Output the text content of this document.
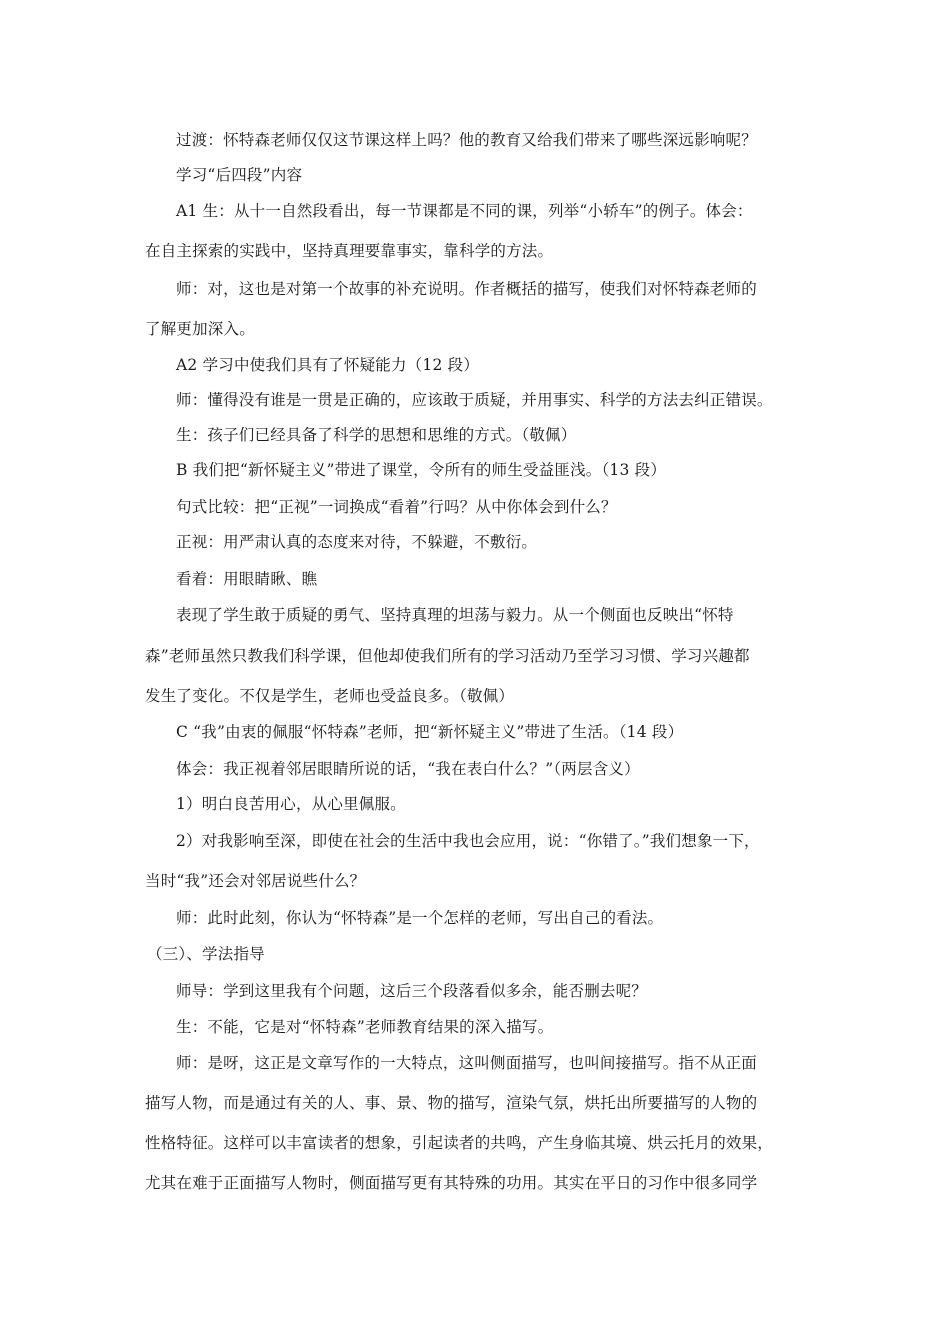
过渡：怀特森老师仅仅这节课这样上吗？他的教育又给我们带来了哪些深远影响呢？
学习“后四段”内容
A1 生：从十一自然段看出，每一节课都是不同的课，列举“小轿车”的例子。体会：
在自主探索的实践中，坚持真理要靠事实，靠科学的方法。
师：对，这也是对第一个故事的补充说明。作者概括的描写，使我们对怀特森老师的
了解更加深入。
A2 学习中使我们具有了怀疑能力（12 段）
师：懂得没有谁是一贯是正确的，应该敢于质疑，并用事实、科学的方法去纠正错误。
生：孩子们已经具备了科学的思想和思维的方式。（敬佩）
B 我们把“新怀疑主义”带进了课堂，令所有的师生受益匪浅。（13 段）
句式比较：把“正视”一词换成“看着”行吗？从中你体会到什么？
正视：用严肃认真的态度来对待，不躲避，不敷衍。
看着：用眼睛瞅、瞧
表现了学生敢于质疑的勇气、坚持真理的坦荡与毅力。从一个侧面也反映出“怀特
森”老师虽然只教我们科学课，但他却使我们所有的学习活动乃至学习习惯、学习兴趣都
发生了变化。不仅是学生，老师也受益良多。（敬佩）
C “我”由衷的佩服“怀特森”老师，把“新怀疑主义”带进了生活。（14 段）
体会：我正视着邻居眼睛所说的话，“我在表白什么？”（两层含义）
1）明白良苦用心，从心里佩服。
2）对我影响至深，即使在社会的生活中我也会应用，说：“你错了。”我们想象一下，
当时“我”还会对邻居说些什么？
师：此时此刻，你认为“怀特森”是一个怎样的老师，写出自己的看法。
（三）、学法指导
师导：学到这里我有个问题，这后三个段落看似多余，能否删去呢？
生：不能，它是对“怀特森”老师教育结果的深入描写。
师：是呀，这正是文章写作的一大特点，这叫侧面描写，也叫间接描写。指不从正面
描写人物，而是通过有关的人、事、景、物的描写，渲染气氛，烘托出所要描写的人物的
性格特征。这样可以丰富读者的想象，引起读者的共鸣，产生身临其境、烘云托月的效果，
尤其在难于正面描写人物时，侧面描写更有其特殊的功用。其实在平日的习作中很多同学
